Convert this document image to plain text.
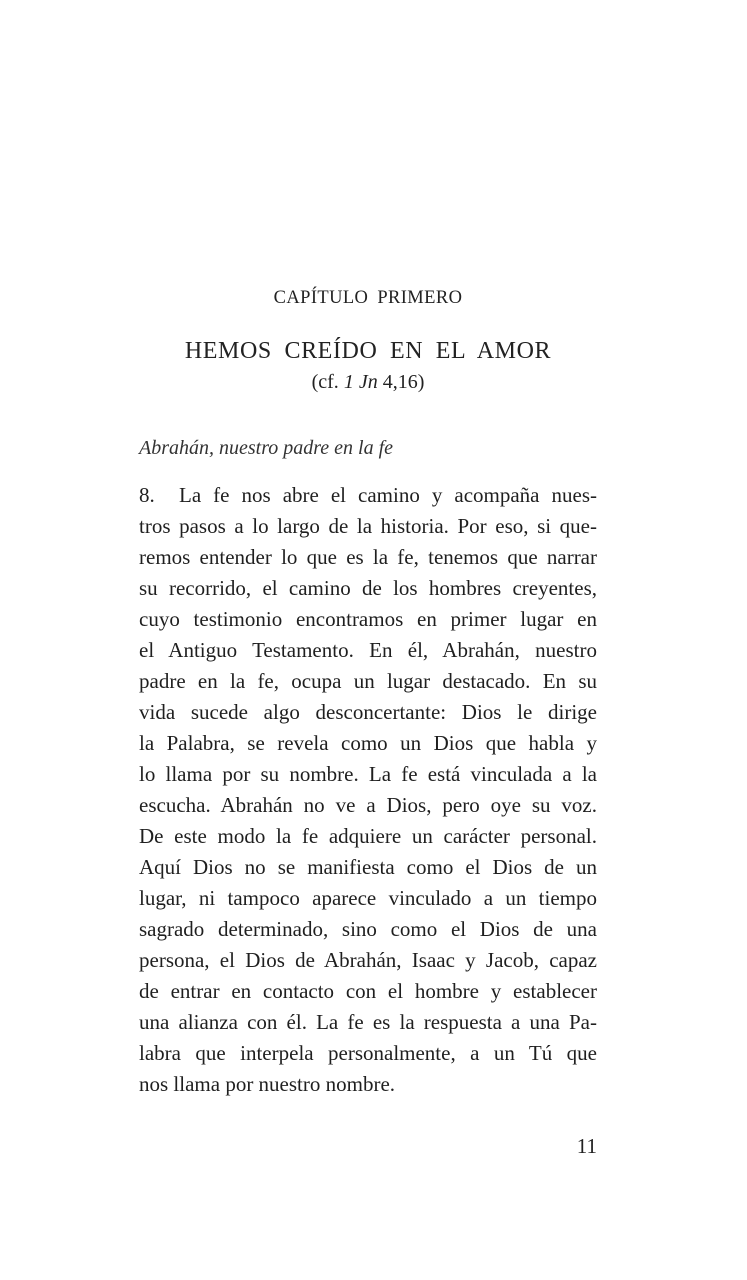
CAPÍTULO PRIMERO
HEMOS CREÍDO EN EL AMOR
(cf. 1 Jn 4,16)
Abrahán, nuestro padre en la fe
8. La fe nos abre el camino y acompaña nues-
tros pasos a lo largo de la historia. Por eso, si que-
remos entender lo que es la fe, tenemos que narrar
su recorrido, el camino de los hombres creyentes,
cuyo testimonio encontramos en primer lugar en
el Antiguo Testamento. En él, Abrahán, nuestro
padre en la fe, ocupa un lugar destacado. En su
vida sucede algo desconcertante: Dios le dirige
la Palabra, se revela como un Dios que habla y
lo llama por su nombre. La fe está vinculada a la
escucha. Abrahán no ve a Dios, pero oye su voz.
De este modo la fe adquiere un carácter personal.
Aquí Dios no se manifiesta como el Dios de un
lugar, ni tampoco aparece vinculado a un tiempo
sagrado determinado, sino como el Dios de una
persona, el Dios de Abrahán, Isaac y Jacob, capaz
de entrar en contacto con el hombre y establecer
una alianza con él. La fe es la respuesta a una Pa-
labra que interpela personalmente, a un Tú que
nos llama por nuestro nombre.
11
